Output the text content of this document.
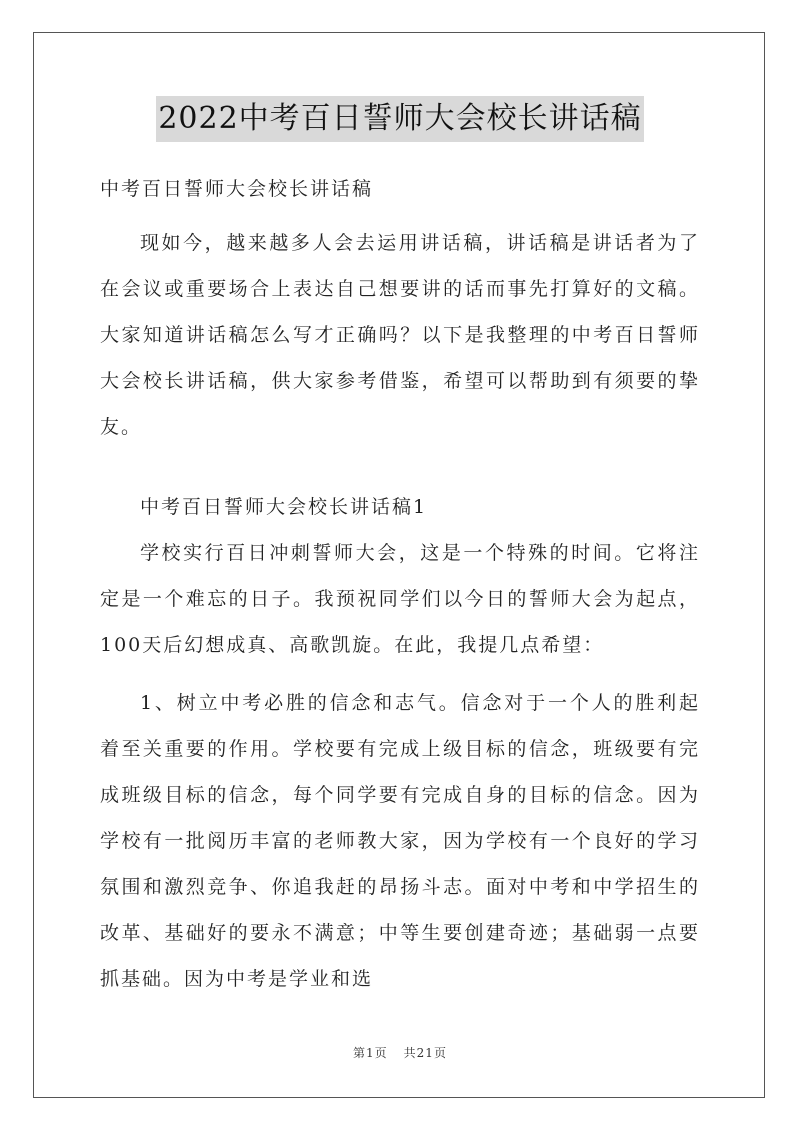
2022中考百日誓师大会校长讲话稿

中考百日誓师大会校长讲话稿

现如今，越来越多人会去运用讲话稿，讲话稿是讲话者为了在会议或重要场合上表达自己想要讲的话而事先打算好的文稿。大家知道讲话稿怎么写才正确吗？以下是我整理的中考百日誓师大会校长讲话稿，供大家参考借鉴，希望可以帮助到有须要的挚友。

中考百日誓师大会校长讲话稿1

学校实行百日冲刺誓师大会，这是一个特殊的时间。它将注定是一个难忘的日子。我预祝同学们以今日的誓师大会为起点，100天后幻想成真、高歌凯旋。在此，我提几点希望：

1、树立中考必胜的信念和志气。信念对于一个人的胜利起着至关重要的作用。学校要有完成上级目标的信念，班级要有完成班级目标的信念，每个同学要有完成自身的目标的信念。因为学校有一批阅历丰富的老师教大家，因为学校有一个良好的学习氛围和激烈竞争、你追我赶的昂扬斗志。面对中考和中学招生的改革、基础好的要永不满意；中等生要创建奇迹；基础弱一点要抓基础。因为中考是学业和选

第1页 共21页
